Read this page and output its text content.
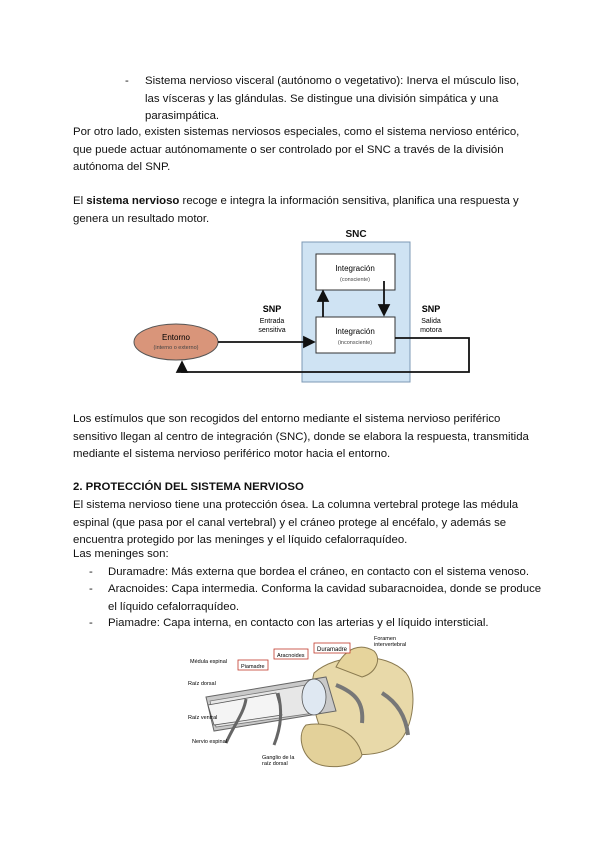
-	Sistema nervioso visceral (autónomo o vegetativo): Inerva el músculo liso, las vísceras y las glándulas. Se distingue una división simpática y una parasimpática.

Por otro lado, existen sistemas nerviosos especiales, como el sistema nervioso entérico, que puede actuar autónomamente o ser controlado por el SNC a través de la división autónoma del SNP.

El sistema nervioso recoge e integra la información sensitiva, planifica una respuesta y genera un resultado motor.

SNC
Integración
(consciente)
Integración
(inconsciente)
Entorno
(interno o externo)
SNP
Entrada
sensitiva
SNP
Salida
motora

Los estímulos que son recogidos del entorno mediante el sistema nervioso periférico sensitivo llegan al centro de integración (SNC), donde se elabora la respuesta, transmitida mediante el sistema nervioso periférico motor hacia el entorno.

2. PROTECCIÓN DEL SISTEMA NERVIOSO

El sistema nervioso tiene una protección ósea. La columna vertebral protege las médula espinal (que pasa por el canal vertebral) y el cráneo protege al encéfalo, y además se encuentra protegido por las meninges y el líquido cefalorraquídeo.

Las meninges son:

-	Duramadre: Más externa que bordea el cráneo, en contacto con el sistema venoso.
-	Aracnoides: Capa intermedia. Conforma la cavidad subaracnoidea, donde se produce
el líquido cefalorraquídeo.
-	Piamadre: Capa interna, en contacto con las arterias y el líquido intersticial.
Foramen
intervertebral
Duramadre
Aracnoides
Médula espinal
Piamadre
Raíz dorsal
Raíz ventral
Nervio espinal
Ganglio de la
raíz dorsal
